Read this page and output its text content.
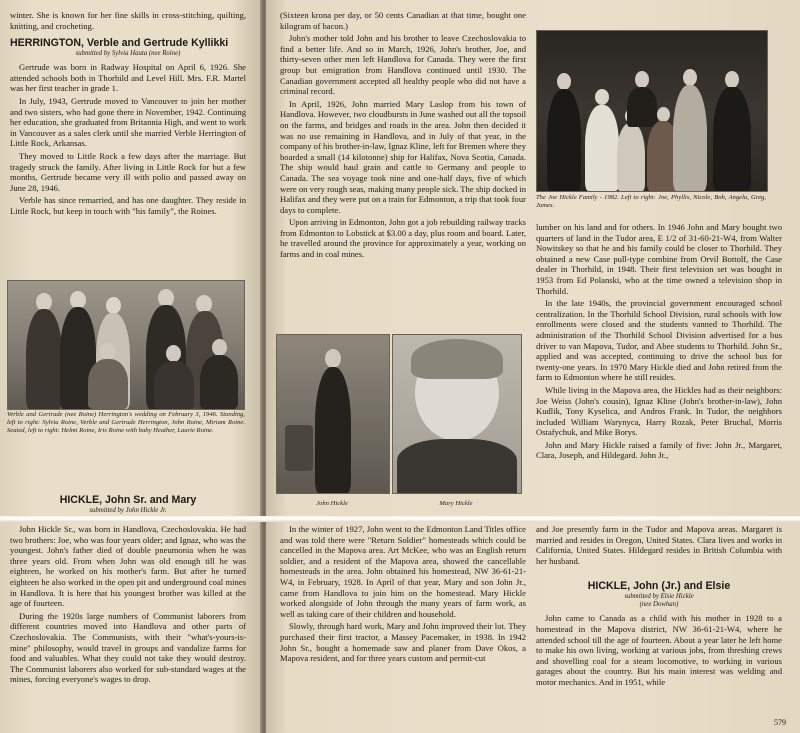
winter. She is known for her fine skills in cross-stitching, quilting, knitting, and crocheting.

HERRINGTON, Verble and Gertrude Kyllikki
submitted by Sylvia Hauta (nee Roine)

Gertrude was born in Radway Hospital on April 6, 1926. She attended schools both in Thorhild and Level Hill. Mrs. F.R. Martel was her first teacher in grade 1.

In July, 1943, Gertrude moved to Vancouver to join her mother and two sisters, who had gone there in November, 1942. Continuing her education, she graduated from Britannia High, and went to work in Vancouver as a sales clerk until she married Verble Herrington of Little Rock, Arkansas.

They moved to Little Rock a few days after the marriage. But tragedy struck the family. After living in Little Rock for but a few months, Gertrude became very ill with polio and passed away on June 28, 1946.

Verble has since remarried, and has one daughter. They reside in Little Rock, but keep in touch with "his family", the Roines.

Verble and Gertrude (nee Roine) Herrington's wedding on February 3, 1946. Standing, left to right: Sylvia Roine, Verble and Gertrude Herrington, John Roine, Miriam Roine. Seated, left to right: Helmi Roine, Iris Roine with baby Heather, Laurie Roine.
HICKLE, John Sr. and Mary
submitted by John Hickle Jr.

John Hickle Sr., was born in Handlova, Czechoslovakia. He had two brothers: Joe, who was four years older; and Ignaz, who was the youngest. John's father died of double pneumonia when he was three years old. From when John was old enough till he was eighteen, he worked on his mother's farm. But after he turned eighteen he also worked in the open pit and underground coal mines in Handlova. It is here that his youngest brother was killed at the age of fourteen.

During the 1920s large numbers of Communist laborers from different countries moved into Handlova and other parts of Czechoslovakia. The Communists, with their "what's-yours-is-mine" philosophy, would travel in groups and vandalize farms for food and valuables. What they could not take they would destroy. The Communist laborers also worked for sub-standard wages at the mines, forcing everyone's wages to drop.

(Sixteen krona per day, or 50 cents Canadian at that time, bought one kilogram of bacon.)

John's mother told John and his brother to leave Czechoslovakia to find a better life. And so in March, 1926, John's brother, Joe, and thirty-seven other men left Handlova for Canada. They were the first group but emigration from Handlova continued until 1930. The Canadian government accepted all healthy people who did not have a criminal record.

In April, 1926, John married Mary Laslop from his town of Handlova. However, two cloudbursts in June washed out all the topsoil on the farms, and bridges and roads in the area. John then decided it was no use remaining in Handlova, and in July of that year, in the company of his brother-in-law, Ignaz Kline, left for Bremen where they boarded a small (14 kilotonne) ship for Halifax, Nova Scotia, Canada. The ship would haul grain and cattle to Germany and people to Canada. The sea voyage took nine and one-half days, five of which were on very rough seas, making many people sick. The ship docked in Halifax and they were put on a train for Edmonton, a trip that took four days to complete.

Upon arriving in Edmonton, John got a job rebuilding railway tracks from Edmonton to Lobstick at $3.00 a day, plus room and board. Later, he travelled around the province for approximately a year, working on farms and in coal mines.

John Hickle	Mary Hickle

In the winter of 1927, John went to the Edmonton Land Titles office and was told there were "Return Soldier" homesteads which could be cancelled in the Mapova area. Art McKee, who was an English return soldier, and a resident of the Mapova area, showed the cancellable homesteads in the area. John obtained his homestead, NW 36-61-21-W4, in February, 1928. In April of that year, Mary and son John Jr., came from Handlova to join him on the homestead. Mary Hickle worked alongside of John through the many years of farm work, as well as taking care of their children and household.

Slowly, through hard work, Mary and John improved their lot. They purchased their first tractor, a Massey Pacemaker, in 1938. In 1942 John Sr., bought a homemade saw and planer from Dave Okos, a Mapova resident, and for three years custom and permit-cut

The Joe Hickle Family - 1982. Left to right: Joe, Phyllis, Nicole, Bob, Angela, Greg, James.

lumber on his land and for others. In 1946 John and Mary bought two quarters of land in the Tudor area, E 1/2 of 31-60-21-W4, from Walter Nowitskey so that he and his family could be closer to Thorhild. They obtained a new Case pull-type combine from Orvil Bottolf, the Case dealer in Thorhild, in 1948. Their first television set was bought in 1953 from Ed Polanski, who at the time owned a television shop in Thorhild.

In the late 1940s, the provincial government encouraged school centralization. In the Thorhild School Division, rural schools with low enrollments were closed and the students vanned to Thorhild. The administration of the Thorhild School Division advertised for a bus driver to van Mapova, Tudor, and Abee students to Thorhild. John Sr., applied and was accepted, continuing to drive the school bus for twenty-one years. In 1970 Mary Hickle died and John retired from the farm to Edmonton where he still resides.

While living in the Mapova area, the Hickles had as their neighbors: Joe Weiss (John's cousin), Ignaz Kline (John's brother-in-law), John Kudlik, Tony Kyselica, and Andros Frank. In Tudor, the neighbors included William Warynyca, Harry Rozak, Peter Bruchal, Morris Ostafychuk, and Mike Borys.

John and Mary Hickle raised a family of five: John Jr., Margaret, Clara, Joseph, and Hildegard. John Jr.,

and Joe presently farm in the Tudor and Mapova areas. Margaret is married and resides in Oregon, United States. Clara lives and works in California, United States. Hildegard resides in British Columbia with her husband.

HICKLE, John (Jr.) and Elsie
submitted by Elsie Hickle
(nee Dowhan)

John came to Canada as a child with his mother in 1928 to a homestead in the Mapova district, NW 36-61-21-W4, where he attended school till the age of fourteen. About a year later he left home to make his own living, working at various jobs, from threshing crews and shovelling coal for a steam locomotive, to working in various garages about the country. But his main interest was welding and motor mechanics. And in 1951, while

579
